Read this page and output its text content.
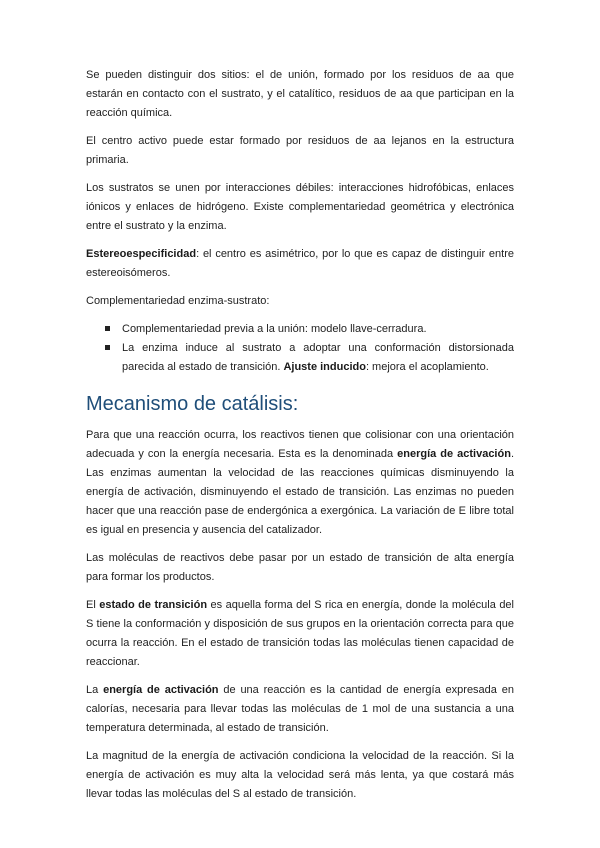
Se pueden distinguir dos sitios: el de unión, formado por los residuos de aa que estarán en contacto con el sustrato, y el catalítico, residuos de aa que participan en la reacción química.

El centro activo puede estar formado por residuos de aa lejanos en la estructura primaria.

Los sustratos se unen por interacciones débiles: interacciones hidrofóbicas, enlaces iónicos y enlaces de hidrógeno. Existe complementariedad geométrica y electrónica entre el sustrato y la enzima.

Estereoespecificidad: el centro es asimétrico, por lo que es capaz de distinguir entre estereoisómeros.

Complementariedad enzima-sustrato:

Complementariedad previa a la unión: modelo llave-cerradura.
La enzima induce al sustrato a adoptar una conformación distorsionada parecida al estado de transición. Ajuste inducido: mejora el acoplamiento.
Mecanismo de catálisis:

Para que una reacción ocurra, los reactivos tienen que colisionar con una orientación adecuada y con la energía necesaria. Esta es la denominada energía de activación. Las enzimas aumentan la velocidad de las reacciones químicas disminuyendo la energía de activación, disminuyendo el estado de transición. Las enzimas no pueden hacer que una reacción pase de endergónica a exergónica. La variación de E libre total es igual en presencia y ausencia del catalizador.

Las moléculas de reactivos debe pasar por un estado de transición de alta energía para formar los productos.

El estado de transición es aquella forma del S rica en energía, donde la molécula del S tiene la conformación y disposición de sus grupos en la orientación correcta para que ocurra la reacción. En el estado de transición todas las moléculas tienen capacidad de reaccionar.

La energía de activación de una reacción es la cantidad de energía expresada en calorías, necesaria para llevar todas las moléculas de 1 mol de una sustancia a una temperatura determinada, al estado de transición.

La magnitud de la energía de activación condiciona la velocidad de la reacción. Si la energía de activación es muy alta la velocidad será más lenta, ya que costará más llevar todas las moléculas del S al estado de transición.
